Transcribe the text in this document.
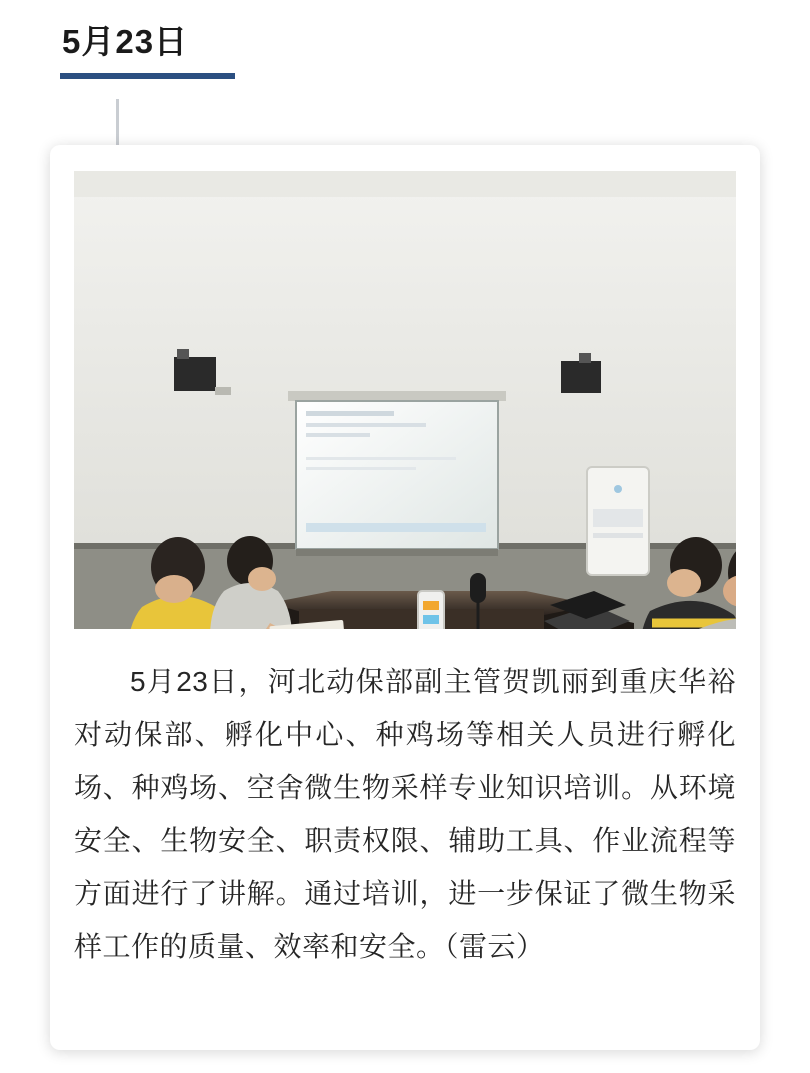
5月23日

5月23日，河北动保部副主管贺凯丽到重庆华裕对动保部、孵化中心、种鸡场等相关人员进行孵化场、种鸡场、空舍微生物采样专业知识培训。从环境安全、生物安全、职责权限、辅助工具、作业流程等方面进行了讲解。通过培训，进一步保证了微生物采样工作的质量、效率和安全。（雷云）
